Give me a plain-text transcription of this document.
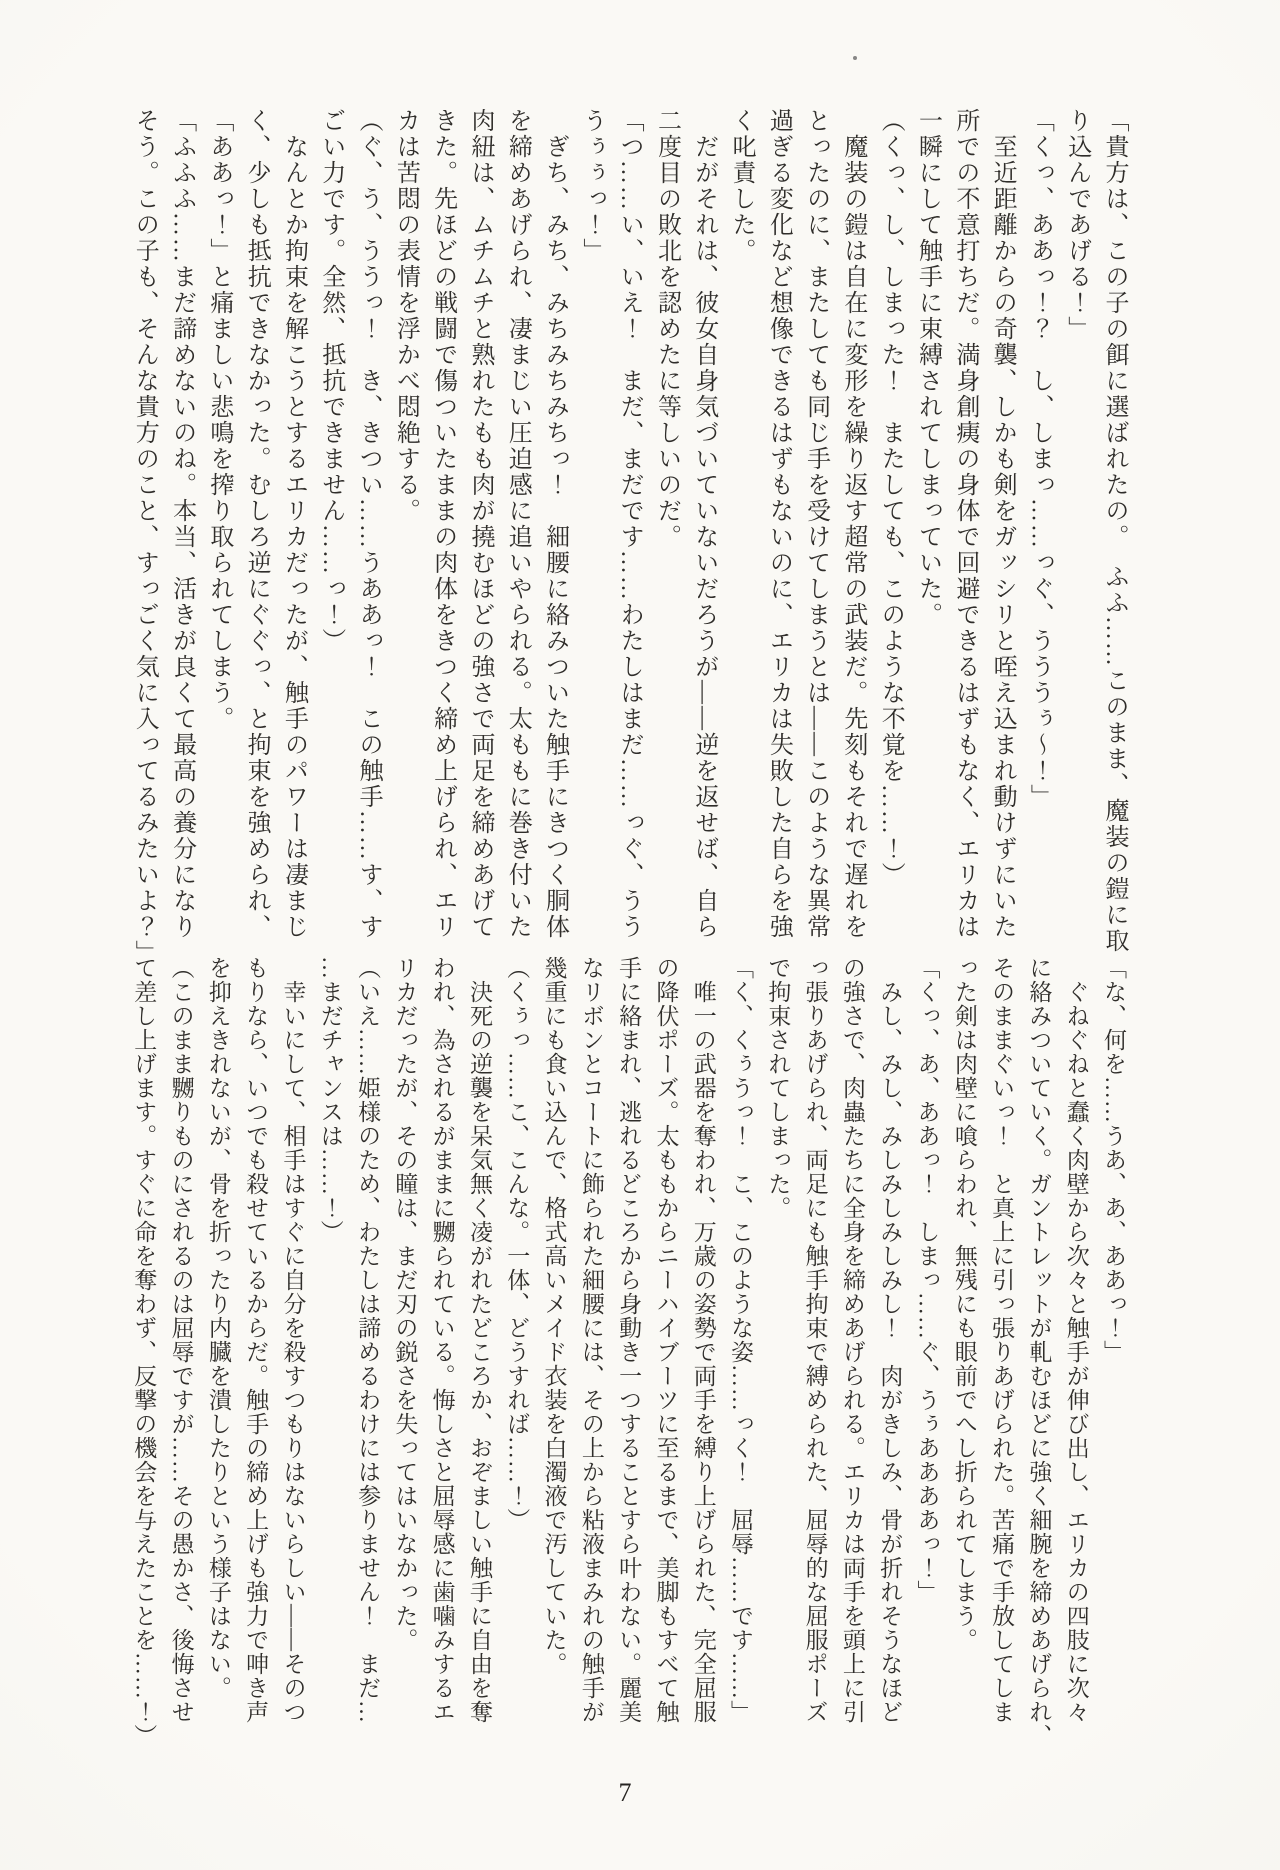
「貴方は、この子の餌に選ばれたの。　ふふ……このまま、魔装の鎧に取

り込んであげる！」

「くっ、ああっ！？　し、しまっ……っぐ、うううぅ～！」

　至近距離からの奇襲、しかも剣をガッシリと咥え込まれ動けずにいた

所での不意打ちだ。満身創痍の身体で回避できるはずもなく、エリカは

一瞬にして触手に束縛されてしまっていた。

（くっ、し、しまった！　またしても、このような不覚を……！）

　魔装の鎧は自在に変形を繰り返す超常の武装だ。先刻もそれで遅れを

とったのに、またしても同じ手を受けてしまうとは――このような異常

過ぎる変化など想像できるはずもないのに、エリカは失敗した自らを強

く叱責した。

　だがそれは、彼女自身気づいていないだろうが――逆を返せば、自ら

二度目の敗北を認めたに等しいのだ。

「つ……い、いえ！　まだ、まだです……わたしはまだ……っぐ、うう

うぅぅっ！」

　ぎち、みち、みちみちみちっ！　細腰に絡みついた触手にきつく胴体

を締めあげられ、凄まじい圧迫感に追いやられる。太ももに巻き付いた

肉紐は、ムチムチと熟れたもも肉が撓むほどの強さで両足を締めあげて

きた。先ほどの戦闘で傷ついたままの肉体をきつく締め上げられ、エリ

カは苦悶の表情を浮かべ悶絶する。

（ぐ、う、ううっ！　き、きつい……うああっ！　この触手……す、す

ごい力です。全然、抵抗できません……っ！）

　なんとか拘束を解こうとするエリカだったが、触手のパワーは凄まじ

く、少しも抵抗できなかった。むしろ逆にぐぐっ、と拘束を強められ、

「ああっ！」と痛ましい悲鳴を搾り取られてしまう。

「ふふふ……まだ諦めないのね。本当、活きが良くて最高の養分になり

そう。この子も、そんな貴方のこと、すっごく気に入ってるみたいよ？」

「な、何を……うあ、あ、ああっ！」

　ぐねぐねと蠢く肉壁から次々と触手が伸び出し、エリカの四肢に次々

に絡みついていく。ガントレットが軋むほどに強く細腕を締めあげられ、

そのままぐいっ！　と真上に引っ張りあげられた。苦痛で手放してしま

った剣は肉壁に喰らわれ、無残にも眼前でへし折られてしまう。

「くっ、あ、ああっ！　しまっ……ぐ、うぅああああっ！」

　みし、みし、みしみしみしみし！　肉がきしみ、骨が折れそうなほど

の強さで、肉蟲たちに全身を締めあげられる。エリカは両手を頭上に引

っ張りあげられ、両足にも触手拘束で縛められた、屈辱的な屈服ポーズ

で拘束されてしまった。

「く、くぅうっ！　こ、このような姿……っく！　屈辱……です……」

　唯一の武器を奪われ、万歳の姿勢で両手を縛り上げられた、完全屈服

の降伏ポーズ。太ももからニーハイブーツに至るまで、美脚もすべて触

手に絡まれ、逃れるどころから身動き一つすることすら叶わない。麗美

なリボンとコートに飾られた細腰には、その上から粘液まみれの触手が

幾重にも食い込んで、格式高いメイド衣装を白濁液で汚していた。

（くぅっ……こ、こんな。一体、どうすれば……！）

　決死の逆襲を呆気無く凌がれたどころか、おぞましい触手に自由を奪

われ、為されるがままに嬲られている。悔しさと屈辱感に歯噛みするエ

リカだったが、その瞳は、まだ刃の鋭さを失ってはいなかった。

（いえ……姫様のため、わたしは諦めるわけには参りません！　まだ…

…まだチャンスは……！）

　幸いにして、相手はすぐに自分を殺すつもりはないらしい――そのつ

もりなら、いつでも殺せているからだ。触手の締め上げも強力で呻き声

を抑えきれないが、骨を折ったり内臓を潰したりという様子はない。

（このまま嬲りものにされるのは屈辱ですが……その愚かさ、後悔させ

て差し上げます。すぐに命を奪わず、反撃の機会を与えたことを……！）

7
